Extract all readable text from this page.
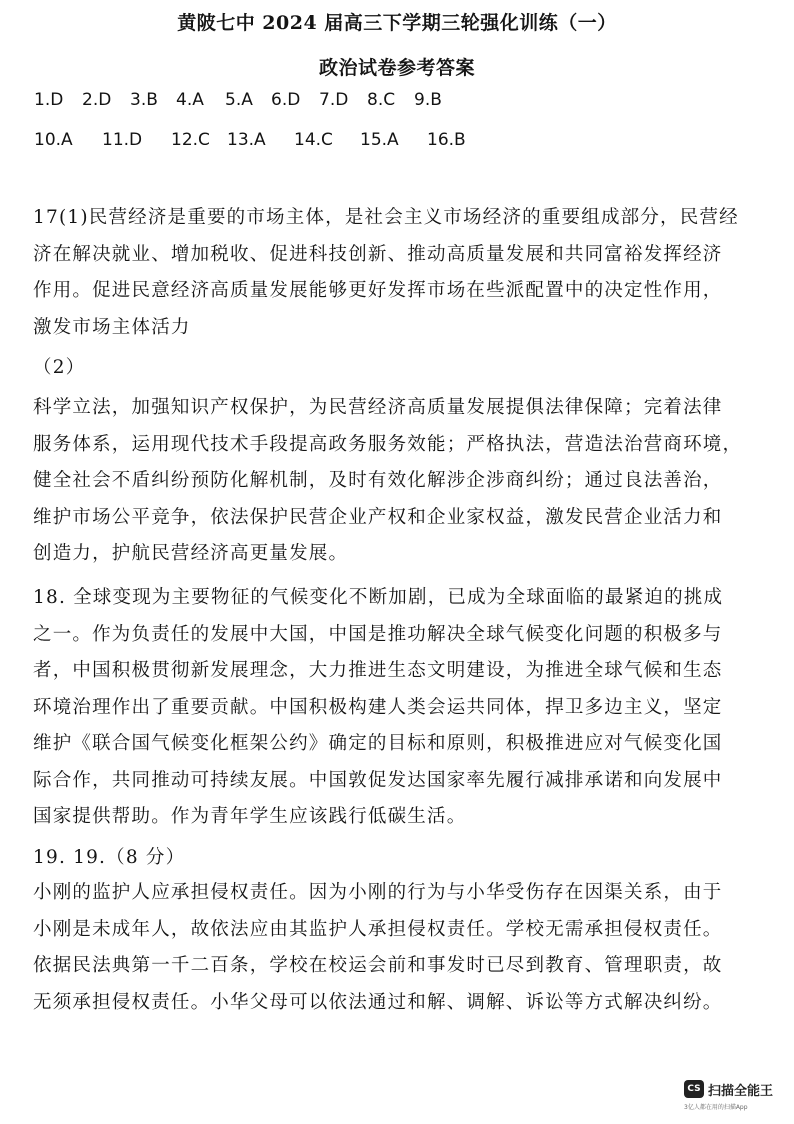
黄陂七中 2024 届高三下学期三轮强化训练（一）
政治试卷参考答案
1.D 2.D 3.B 4.A 5.A 6.D 7.D 8.C 9.B
10.A 11.D 12.C 13.A 14.C 15.A 16.B
17(1)民营经济是重要的市场主体，是社会主义市场经济的重要组成部分，民营经
济在解决就业、增加税收、促进科技创新、推动高质量发展和共同富裕发挥经济
作用。促进民意经济高质量发展能够更好发挥市场在些派配置中的决定性作用，
激发市场主体活力
（2）
科学立法，加强知识产权保护，为民营经济高质量发展提俱法律保障；完着法律
服务体系，运用现代技术手段提高政务服务效能；严格执法，营造法治营商环境，
健全社会不盾纠纷预防化解机制，及时有效化解涉企涉商纠纷；通过良法善治，
维护市场公平竞争，依法保护民营企业产权和企业家权益，激发民营企业活力和
创造力，护航民营经济高更量发展。
18. 全球变现为主要物征的气候变化不断加剧，已成为全球面临的最紧迫的挑成
之一。作为负责任的发展中大国，中国是推功解决全球气候变化问题的积极多与
者，中国积极贯彻新发展理念，大力推进生态文明建设，为推进全球气候和生态
环境治理作出了重要贡献。中国积极构建人类会运共同体，捍卫多边主义，坚定
维护《联合国气候变化框架公约》确定的目标和原则，积极推进应对气候变化国
际合作，共同推动可持续友展。中国敦促发达国家率先履行减排承诺和向发展中
国家提供帮助。作为青年学生应该践行低碳生活。
19. 19.（8 分）
小刚的监护人应承担侵权责任。因为小刚的行为与小华受伤存在因渠关系，由于
小刚是未成年人，故依法应由其监护人承担侵权责任。学校无需承担侵权责任。
依据民法典第一千二百条，学校在校运会前和事发时已尽到教育、管理职责，故
无须承担侵权责任。小华父母可以依法通过和解、调解、诉讼等方式解决纠纷。
CS 扫描全能王
3亿人都在用的扫描App
